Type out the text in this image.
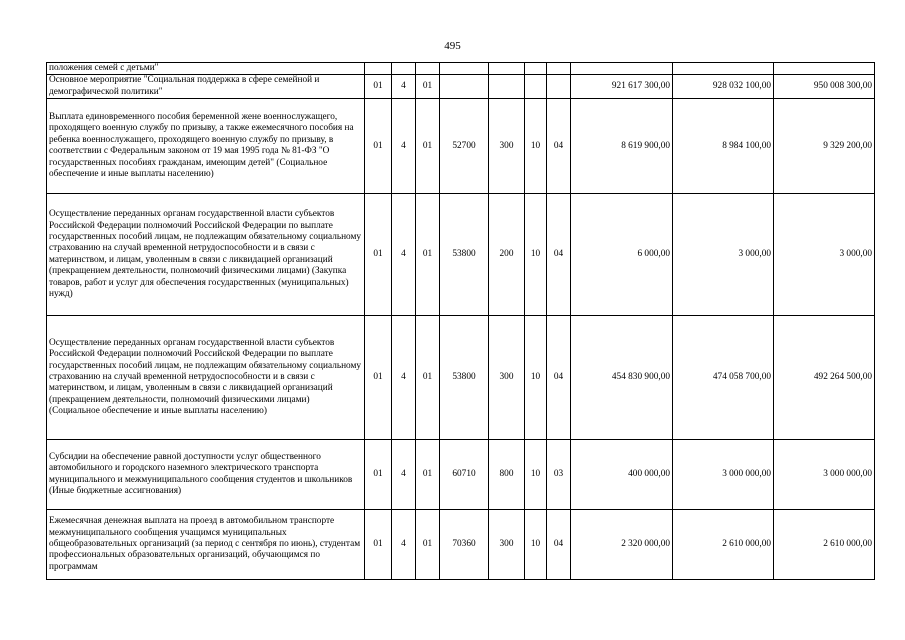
495
положения семей с детьми"										
Основное мероприятие "Социальная поддержка в сфере семейной и демографической политики"	01	4	01					921 617 300,00	928 032 100,00	950 008 300,00
Выплата единовременного пособия беременной жене военнослужащего, проходящего военную службу по призыву, а также ежемесячного пособия на ребенка военнослужащего, проходящего военную службу по призыву, в соответствии с Федеральным законом от 19 мая 1995 года № 81-ФЗ "О государственных пособиях гражданам, имеющим детей" (Социальное обеспечение и иные выплаты населению)	01	4	01	52700	300	10	04	8 619 900,00	8 984 100,00	9 329 200,00
Осуществление переданных органам государственной власти субъектов Российской Федерации полномочий Российской Федерации по выплате государственных пособий лицам, не подлежащим обязательному социальному страхованию на случай временной нетрудоспособности и в связи с материнством, и лицам, уволенным в связи с ликвидацией организаций (прекращением деятельности, полномочий физическими лицами) (Закупка товаров, работ и услуг для обеспечения государственных (муниципальных) нужд)	01	4	01	53800	200	10	04	6 000,00	3 000,00	3 000,00
Осуществление переданных органам государственной власти субъектов Российской Федерации полномочий Российской Федерации по выплате государственных пособий лицам, не подлежащим обязательному социальному страхованию на случай временной нетрудоспособности и в связи с материнством, и лицам, уволенным в связи с ликвидацией организаций (прекращением деятельности, полномочий физическими лицами) (Социальное обеспечение и иные выплаты населению)	01	4	01	53800	300	10	04	454 830 900,00	474 058 700,00	492 264 500,00
Субсидии на обеспечение равной доступности услуг общественного автомобильного и городского наземного электрического транспорта муниципального и межмуниципального сообщения студентов и школьников (Иные бюджетные ассигнования)	01	4	01	60710	800	10	03	400 000,00	3 000 000,00	3 000 000,00
Ежемесячная денежная выплата на проезд в автомобильном транспорте межмуниципального сообщения учащимся муниципальных общеобразовательных организаций (за период с сентября по июнь), студентам профессиональных образовательных организаций, обучающимся по программам	01	4	01	70360	300	10	04	2 320 000,00	2 610 000,00	2 610 000,00
